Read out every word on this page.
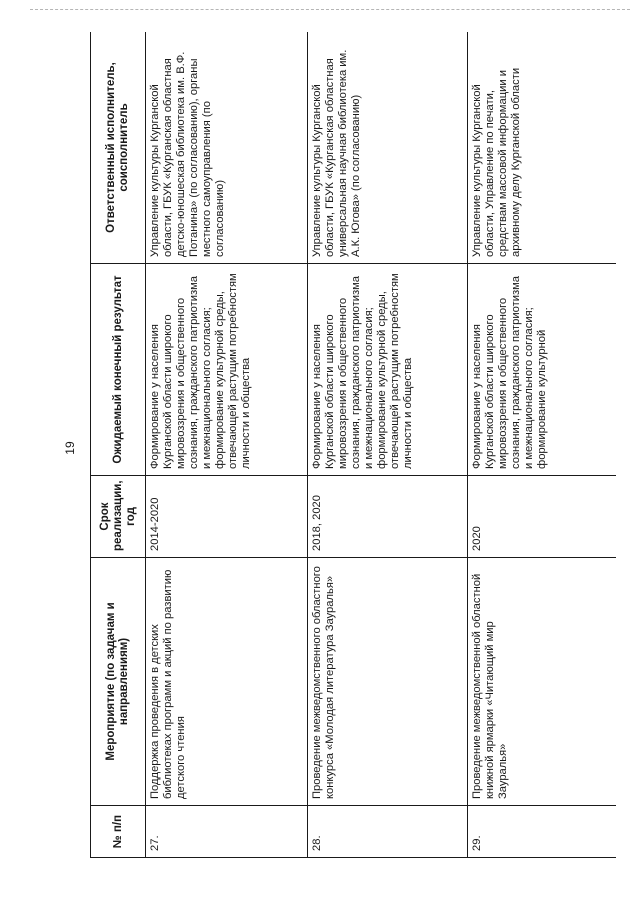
19
№ п/п	Мероприятие (по задачам и направлениям)	Срок реализации, год	Ожидаемый конечный результат	Ответственный исполнитель, соисполнитель
27.	Поддержка проведения в детских библиотеках программ и акций по развитию детского чтения	2014-2020	Формирование у населения Курганской области широкого мировоззрения и общественного сознания, гражданского патриотизма и межнационального согласия; формирование культурной среды, отвечающей растущим потребностям личности и общества	Управление культуры Курганской области, ГБУК «Курганская областная детско-юношеская библиотека им. В.Ф. Потанина» (по согласованию), органы местного самоуправления (по согласованию)
28.	Проведение межведомственного областного конкурса «Молодая литература Зауралья»	2018, 2020	Формирование у населения Курганской области широкого мировоззрения и общественного сознания, гражданского патриотизма и межнационального согласия; формирование культурной среды, отвечающей растущим потребностям личности и общества	Управление культуры Курганской области, ГБУК «Курганская областная универсальная научная библиотека им. А.К. Югова» (по согласованию)
29.	Проведение межведомственной областной книжной ярмарки «Читающий мир Зауралья»	2020	Формирование у населения Курганской области широкого мировоззрения и общественного сознания, гражданского патриотизма и межнационального согласия; формирование культурной	Управление культуры Курганской области, Управление по печати, средствам массовой информации и архивному делу Курганской области
